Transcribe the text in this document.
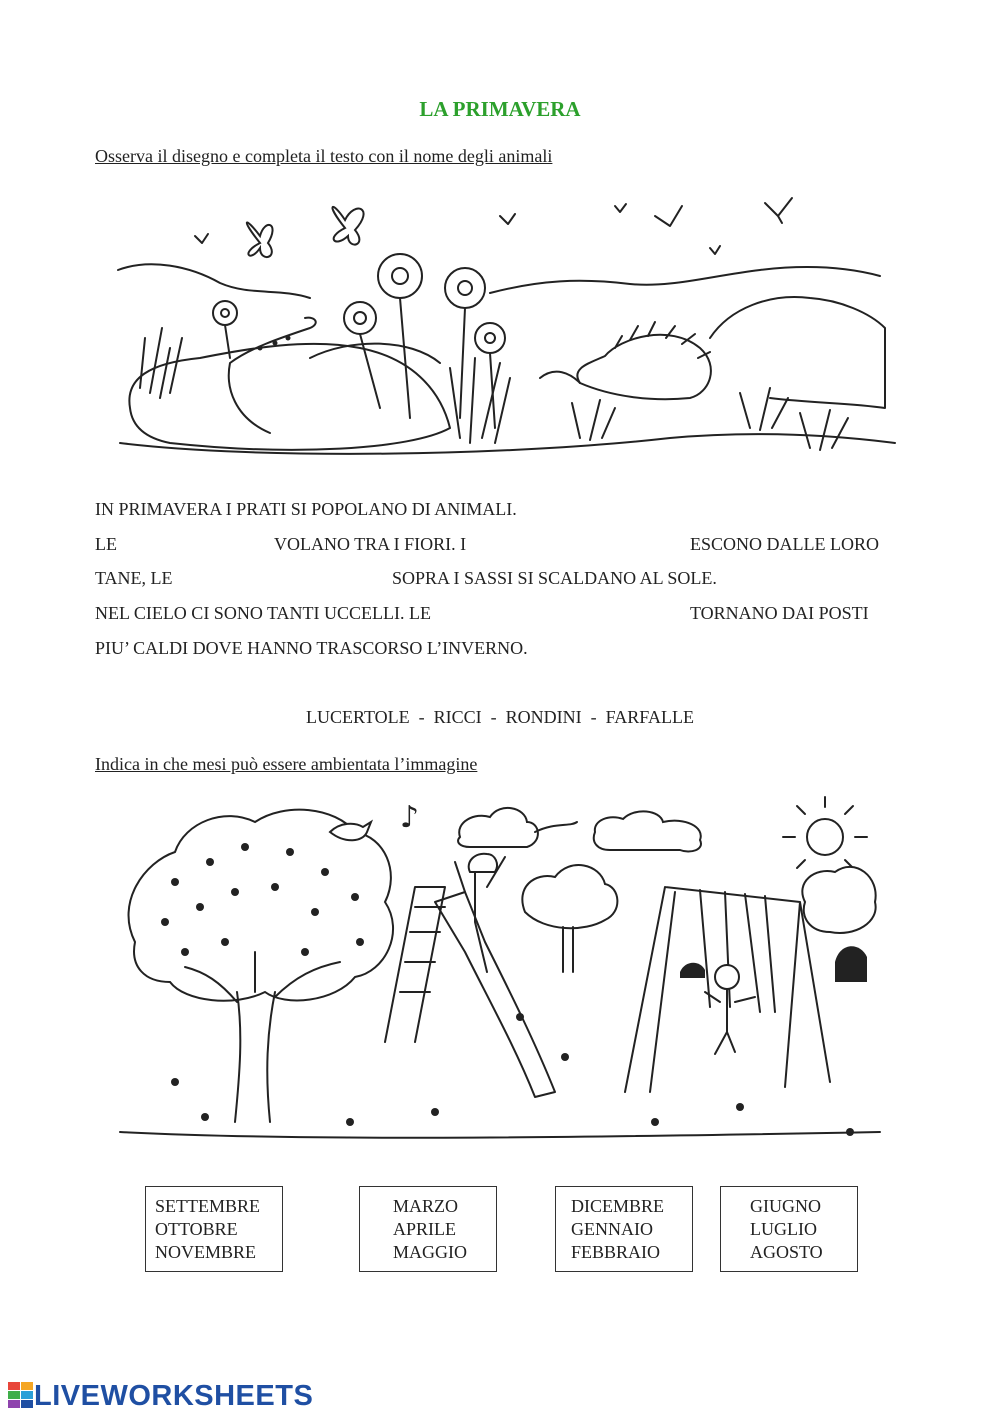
LA PRIMAVERA
Osserva il disegno e completa il testo con il nome degli animali
IN PRIMAVERA I PRATI SI POPOLANO DI ANIMALI.
LE	VOLANO TRA I FIORI. I	ESCONO DALLE LORO
TANE, LE	SOPRA I SASSI SI SCALDANO AL SOLE.
NEL CIELO CI SONO TANTI UCCELLI. LE	TORNANO DAI POSTI
PIU’ CALDI DOVE HANNO TRASCORSO L’INVERNO.
LUCERTOLE  -  RICCI  -  RONDINI  -  FARFALLE
Indica in che mesi può essere ambientata l’immagine
♪
SETTEMBRE
OTTOBRE
NOVEMBRE
MARZO
APRILE
MAGGIO
DICEMBRE
GENNAIO
FEBBRAIO
GIUGNO
LUGLIO
AGOSTO
LIVEWORKSHEETS
